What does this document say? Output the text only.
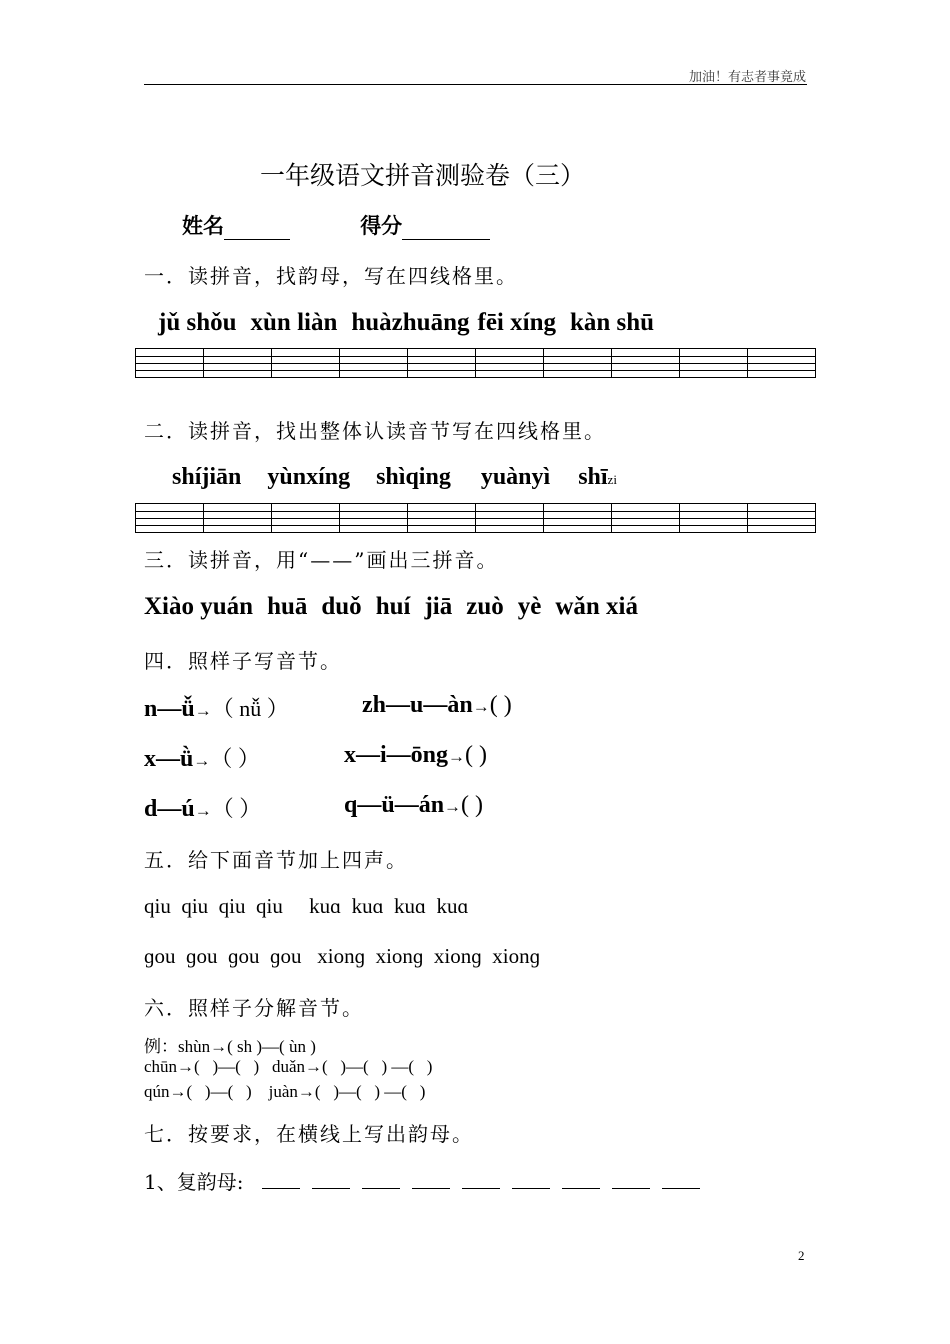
加油！有志者事竟成
一年级语文拼音测验卷（三）
姓名	得分
一．读拼音，找韵母，写在四线格里。
jǔ shǒu xùn liàn huàzhuāng fēi xíng kàn shū
二．读拼音，找出整体认读音节写在四线格里。
shíjiān yùnxíng shìqing yuànyì shīzi
三．读拼音，用“——”画出三拼音。
Xiào yuán huā duǒ huí jiā zuò yè wǎn xiá
四．照样子写音节。
n—ǚ→（ nǚ ）	zh—u—àn→( )
x—ǜ→（ ）	x—i—ōng→( )
d—ú→（ ）	q—ü—án→( )
五．给下面音节加上四声。
qiu  qiu  qiu  qiu     kuɑ  kuɑ  kuɑ  kuɑ
ɡou  ɡou  ɡou  ɡou   xionɡ  xionɡ  xionɡ  xionɡ
六．照样子分解音节。
例：shùn→( sh )—( ùn )
chūn→(   )—(   )   duǎn→(   )—(   ) —(   )
qún→(   )—(   )    juàn→(   )—(   ) —(   )
七．按要求，在横线上写出韵母。
1、复韵母:
2
